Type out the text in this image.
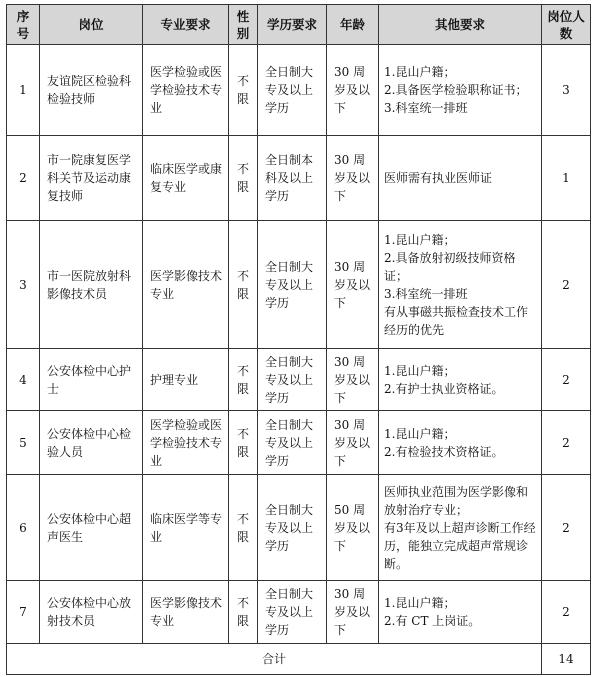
序号	岗位	专业要求	性别	学历要求	年龄	其他要求	岗位人数
1	友谊院区检验科检验技师	医学检验或医学检验技术专业	不限	全日制大专及以上学历	30 周岁及以下	1.昆山户籍；
2.具备医学检验职称证书；
3.科室统一排班	3
2	市一院康复医学科关节及运动康复技师	临床医学或康复专业	不限	全日制本科及以上学历	30 周岁及以下	医师需有执业医师证	1
3	市一医院放射科影像技术员	医学影像技术专业	不限	全日制大专及以上学历	30 周岁及以下	1.昆山户籍；
2.具备放射初级技师资格证；
3.科室统一排班
有从事磁共振检查技术工作经历的优先	2
4	公安体检中心护士	护理专业	不限	全日制大专及以上学历	30 周岁及以下	1.昆山户籍；
2.有护士执业资格证。	2
5	公安体检中心检验人员	医学检验或医学检验技术专业	不限	全日制大专及以上学历	30 周岁及以下	1.昆山户籍；
2.有检验技术资格证。	2
6	公安体检中心超声医生	临床医学等专业	不限	全日制大专及以上学历	50 周岁及以下	医师执业范围为医学影像和放射治疗专业；
有3年及以上超声诊断工作经历，能独立完成超声常规诊断。	2
7	公安体检中心放射技术员	医学影像技术专业	不限	全日制大专及以上学历	30 周岁及以下	1.昆山户籍；
2.有 CT 上岗证。	2
合计							14
